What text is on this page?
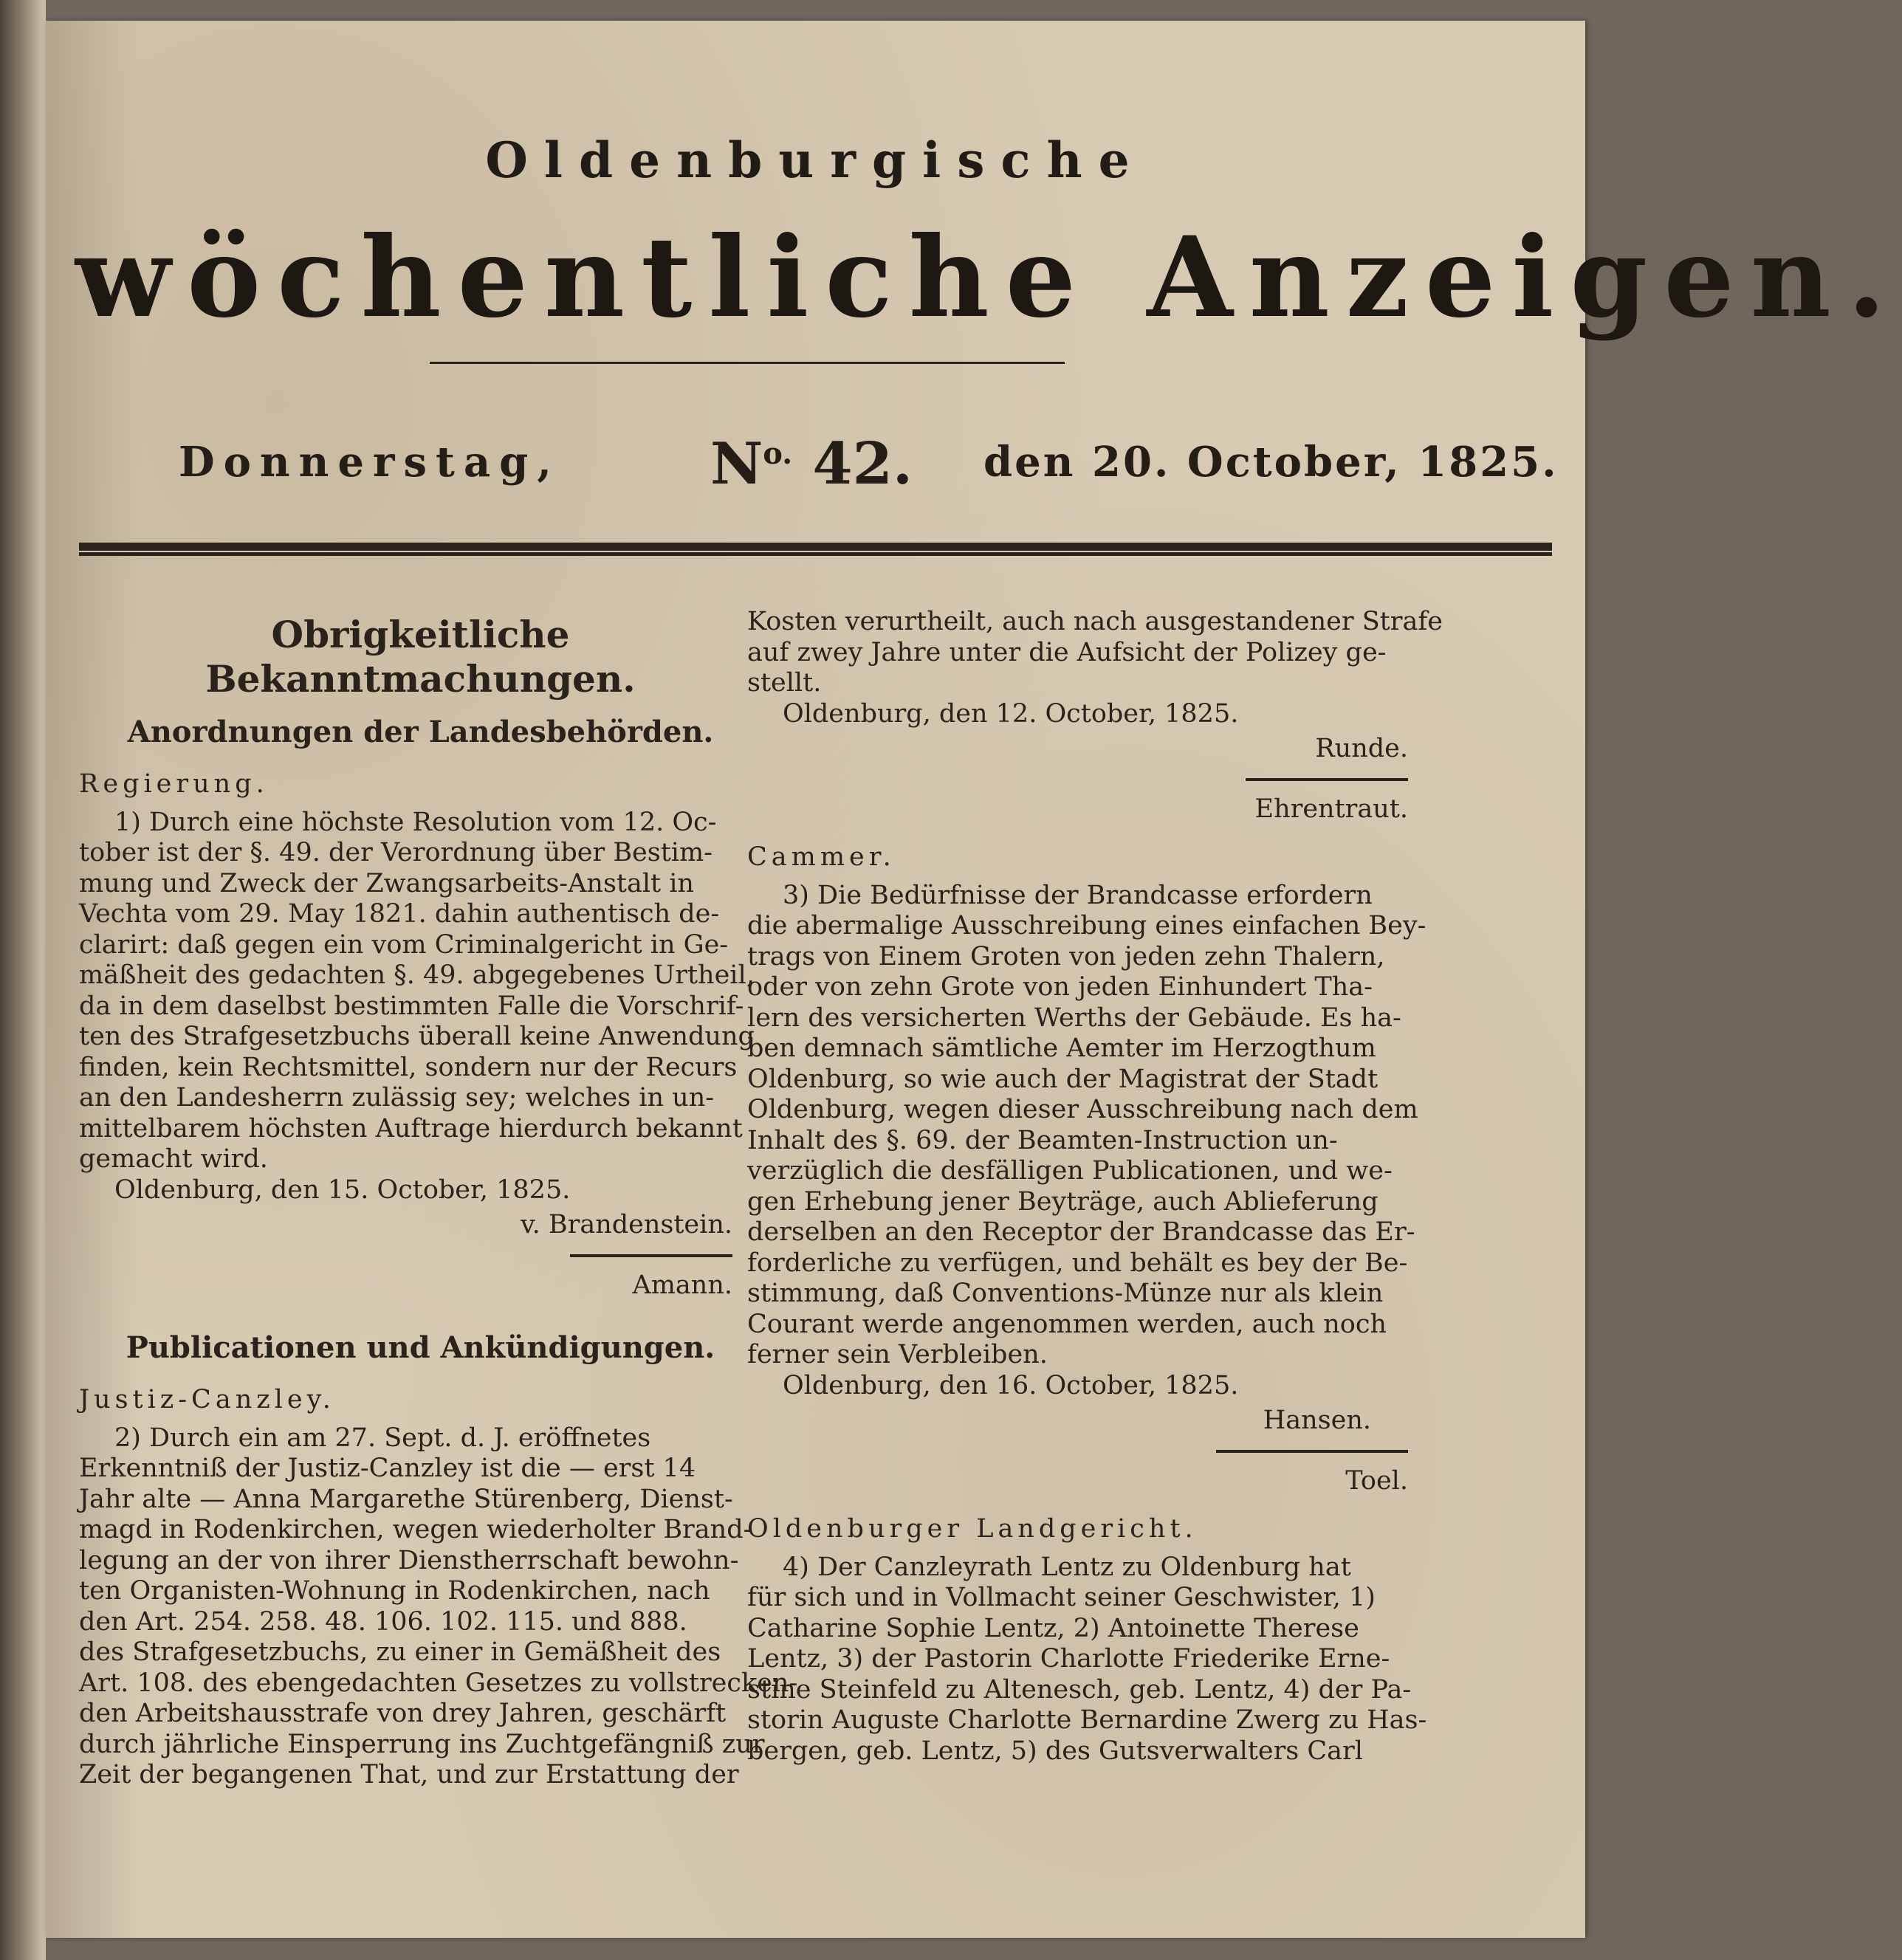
Oldenburgische
wöchentliche Anzeigen.
Donnerstag,	$N^{o.}$ 42. den 20. October, 1825.
Obrigkeitliche Bekanntmachungen.
Anordnungen der Landesbehörden.
Regierung.

1) Durch eine höchste Resolution vom 12. Oc-

tober ist der §. 49. der Verordnung über Bestim-

mung und Zweck der Zwangsarbeits-Anstalt in

Vechta vom 29. May 1821. dahin authentisch de-

clarirt: daß gegen ein vom Criminalgericht in Ge-

mäßheit des gedachten §. 49. abgegebenes Urtheil,

da in dem daselbst bestimmten Falle die Vorschrif-

ten des Strafgesetzbuchs überall keine Anwendung

finden, kein Rechtsmittel, sondern nur der Recurs

an den Landesherrn zulässig sey; welches in un-

mittelbarem höchsten Auftrage hierdurch bekannt

gemacht wird.

Oldenburg, den 15. October, 1825.

v. Brandenstein.
Amann.
Publicationen und Ankündigungen.
Justiz-Canzley.

2) Durch ein am 27. Sept. d. J. eröffnetes

Erkenntniß der Justiz-Canzley ist die — erst 14

Jahr alte — Anna Margarethe Stürenberg, Dienst-

magd in Rodenkirchen, wegen wiederholter Brand-

legung an der von ihrer Dienstherrschaft bewohn-

ten Organisten-Wohnung in Rodenkirchen, nach

den Art. 254. 258. 48. 106. 102. 115. und 888.

des Strafgesetzbuchs, zu einer in Gemäßheit des

Art. 108. des ebengedachten Gesetzes zu vollstrecken-

den Arbeitshausstrafe von drey Jahren, geschärft

durch jährliche Einsperrung ins Zuchtgefängniß zur

Zeit der begangenen That, und zur Erstattung der

Kosten verurtheilt, auch nach ausgestandener Strafe

auf zwey Jahre unter die Aufsicht der Polizey ge-

stellt.

Oldenburg, den 12. October, 1825.

Runde.
Ehrentraut.
Cammer.

3) Die Bedürfnisse der Brandcasse erfordern

die abermalige Ausschreibung eines einfachen Bey-

trags von Einem Groten von jeden zehn Thalern,

oder von zehn Grote von jeden Einhundert Tha-

lern des versicherten Werths der Gebäude. Es ha-

ben demnach sämtliche Aemter im Herzogthum

Oldenburg, so wie auch der Magistrat der Stadt

Oldenburg, wegen dieser Ausschreibung nach dem

Inhalt des §. 69. der Beamten-Instruction un-

verzüglich die desfälligen Publicationen, und we-

gen Erhebung jener Beyträge, auch Ablieferung

derselben an den Receptor der Brandcasse das Er-

forderliche zu verfügen, und behält es bey der Be-

stimmung, daß Conventions-Münze nur als klein

Courant werde angenommen werden, auch noch

ferner sein Verbleiben.

Oldenburg, den 16. October, 1825.

Hansen.
Toel.
Oldenburger Landgericht.

4) Der Canzleyrath Lentz zu Oldenburg hat

für sich und in Vollmacht seiner Geschwister, 1)

Catharine Sophie Lentz, 2) Antoinette Therese

Lentz, 3) der Pastorin Charlotte Friederike Erne-

stine Steinfeld zu Altenesch, geb. Lentz, 4) der Pa-

storin Auguste Charlotte Bernardine Zwerg zu Has-

bergen, geb. Lentz, 5) des Gutsverwalters Carl
